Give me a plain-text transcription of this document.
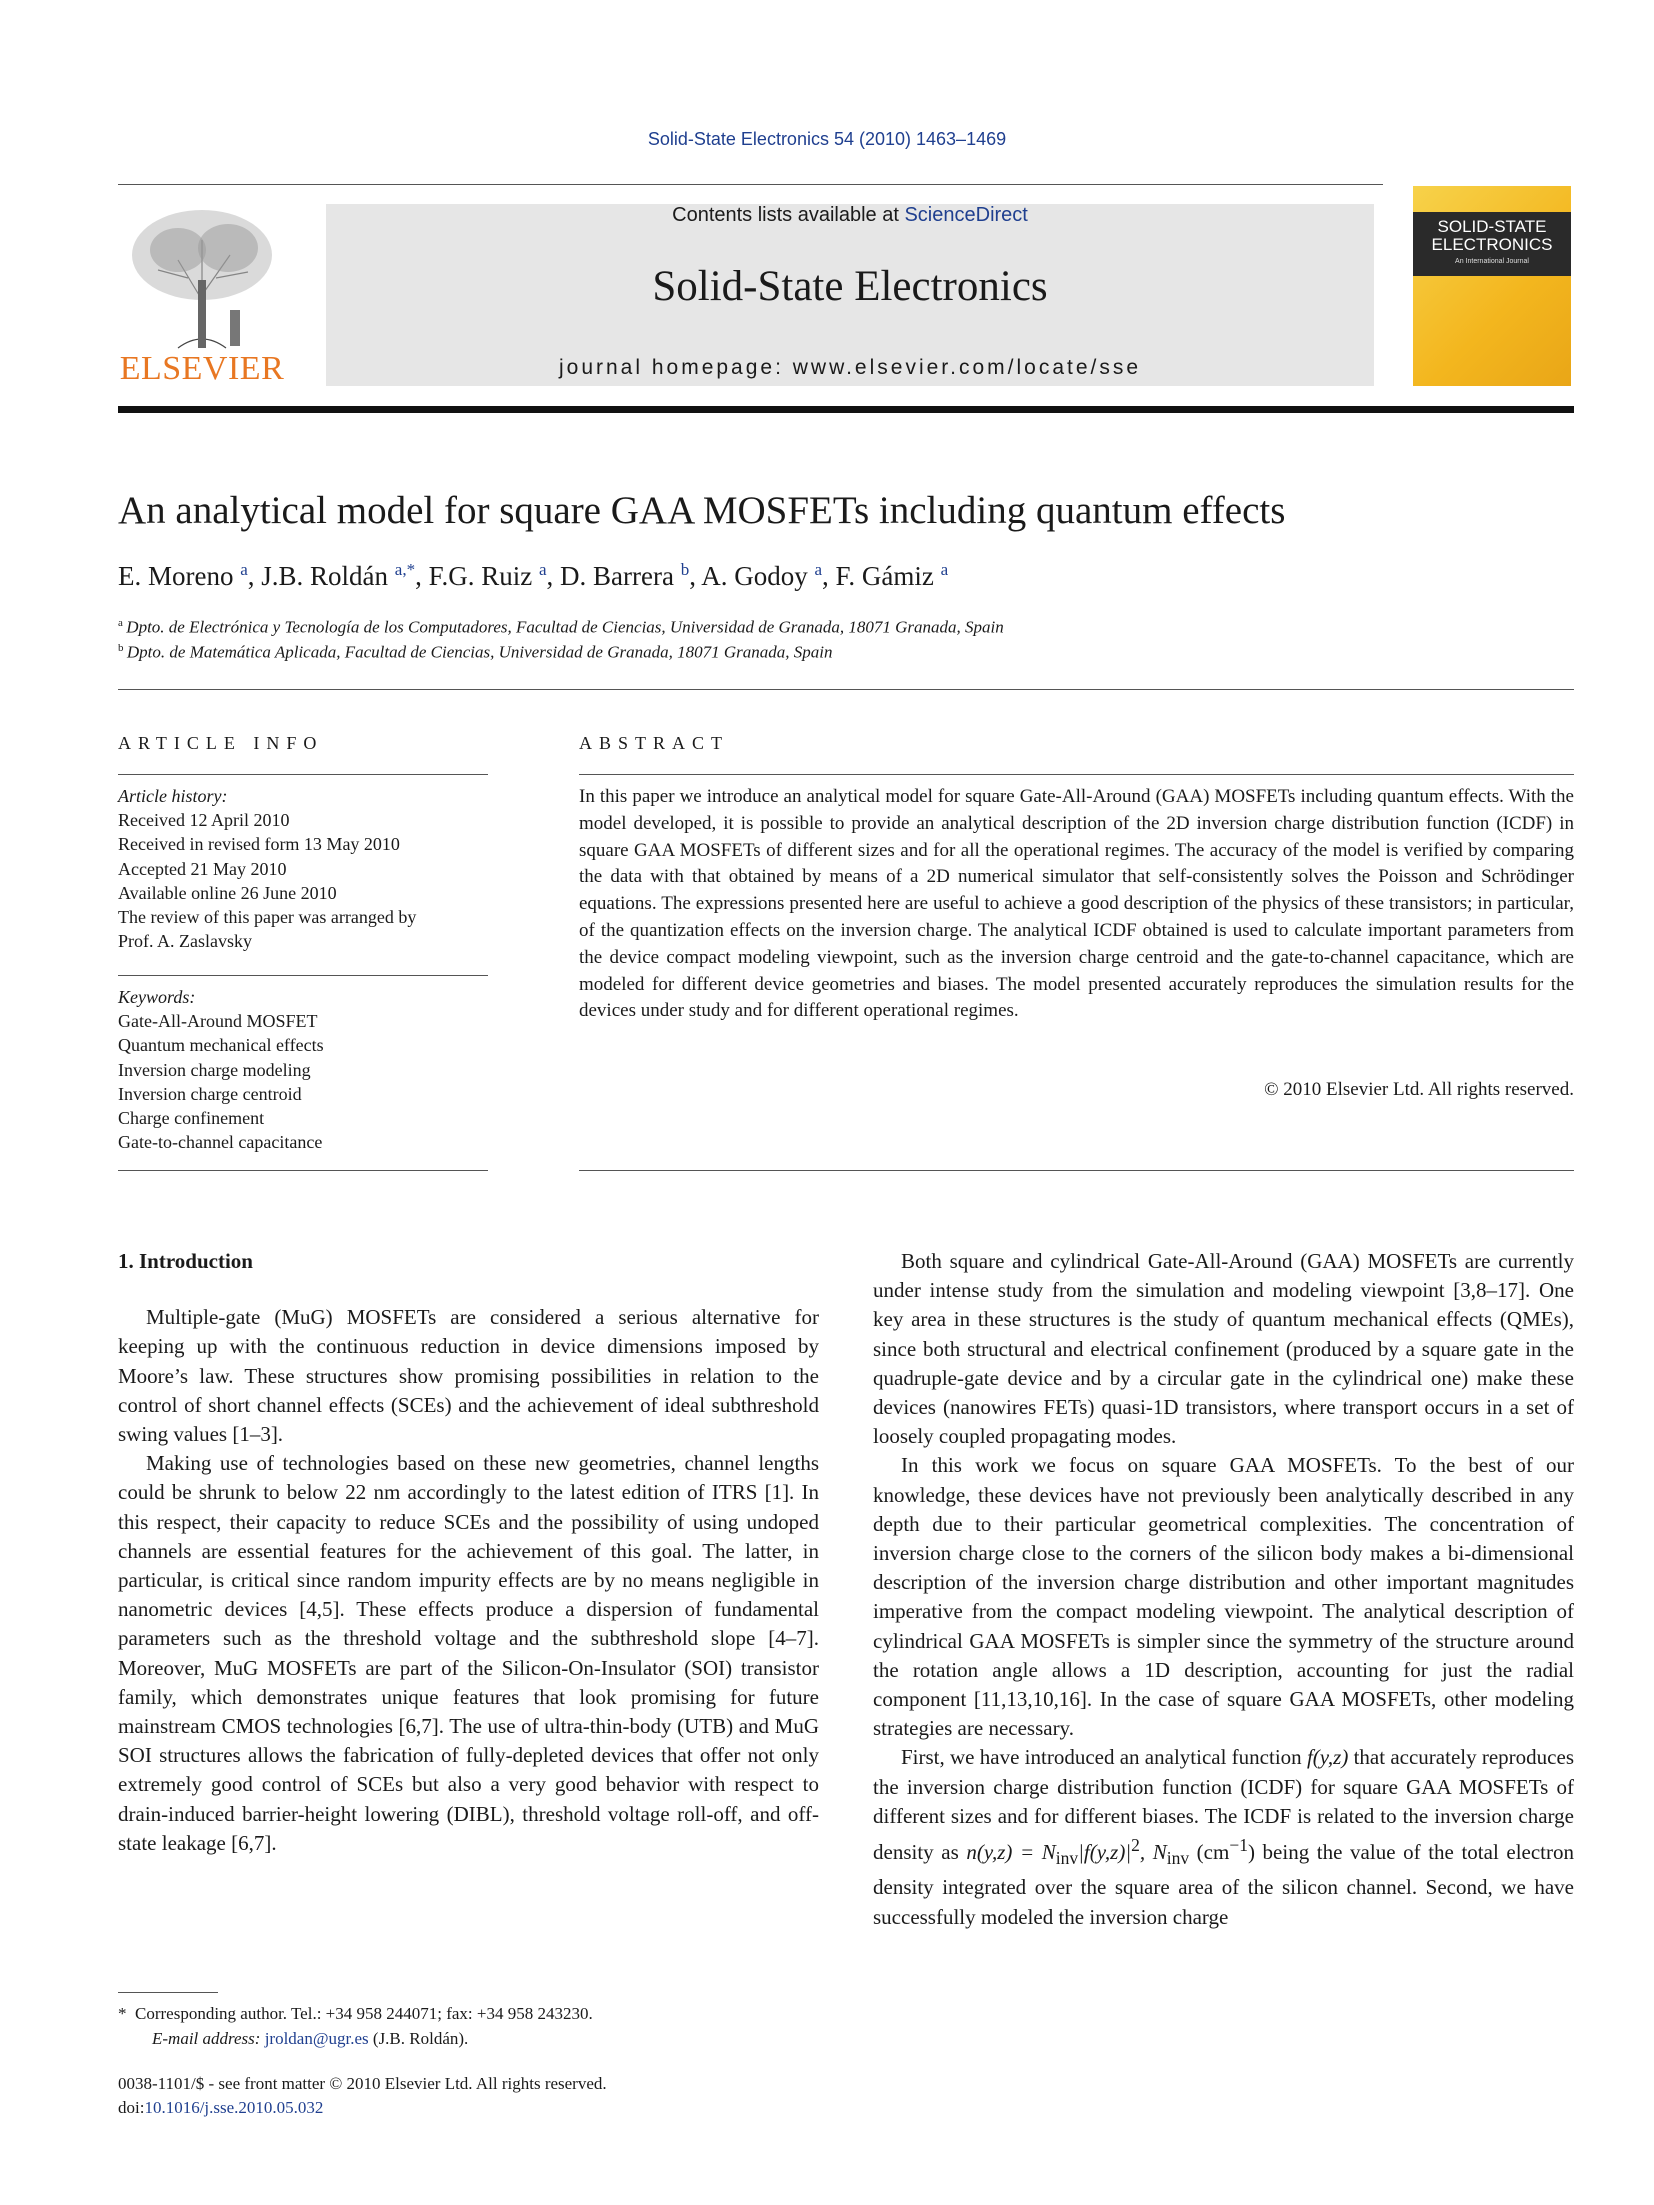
Solid-State Electronics 54 (2010) 1463–1469
ELSEVIER
Contents lists available at ScienceDirect
Solid-State Electronics
journal homepage: www.elsevier.com/locate/sse
SOLID-STATE ELECTRONICS
An International Journal
An analytical model for square GAA MOSFETs including quantum effects
E. Moreno $^a$, J.B. Roldán $^{a,*}$, F.G. Ruiz $^a$, D. Barrera $^b$, A. Godoy $^a$, F. Gámiz $^a$
$^a$  Dpto. de Electrónica y Tecnología de los Computadores, Facultad de Ciencias, Universidad de Granada, 18071 Granada, Spain
$^b$  Dpto. de Matemática Aplicada, Facultad de Ciencias, Universidad de Granada, 18071 Granada, Spain
ARTICLE INFO
Article history:
Received 12 April 2010
Received in revised form 13 May 2010
Accepted 21 May 2010
Available online 26 June 2010
The review of this paper was arranged by
Prof. A. Zaslavsky
Keywords:
Gate-All-Around MOSFET
Quantum mechanical effects
Inversion charge modeling
Inversion charge centroid
Charge confinement
Gate-to-channel capacitance
ABSTRACT
In this paper we introduce an analytical model for square Gate-All-Around (GAA) MOSFETs including quantum effects. With the model developed, it is possible to provide an analytical description of the 2D inversion charge distribution function (ICDF) in square GAA MOSFETs of different sizes and for all the operational regimes. The accuracy of the model is verified by comparing the data with that obtained by means of a 2D numerical simulator that self-consistently solves the Poisson and Schrödinger equations. The expressions presented here are useful to achieve a good description of the physics of these transistors; in particular, of the quantization effects on the inversion charge. The analytical ICDF obtained is used to calculate important parameters from the device compact modeling viewpoint, such as the inversion charge centroid and the gate-to-channel capacitance, which are modeled for different device geometries and biases. The model presented accurately reproduces the simulation results for the devices under study and for different operational regimes.
© 2010 Elsevier Ltd. All rights reserved.
1. Introduction

Multiple-gate (MuG) MOSFETs are considered a serious alternative for keeping up with the continuous reduction in device dimensions imposed by Moore’s law. These structures show promising possibilities in relation to the control of short channel effects (SCEs) and the achievement of ideal subthreshold swing values [1–3].

Making use of technologies based on these new geometries, channel lengths could be shrunk to below 22 nm accordingly to the latest edition of ITRS [1]. In this respect, their capacity to reduce SCEs and the possibility of using undoped channels are essential features for the achievement of this goal. The latter, in particular, is critical since random impurity effects are by no means negligible in nanometric devices [4,5]. These effects produce a dispersion of fundamental parameters such as the threshold voltage and the subthreshold slope [4–7]. Moreover, MuG MOSFETs are part of the Silicon-On-Insulator (SOI) transistor family, which demonstrates unique features that look promising for future mainstream CMOS technologies [6,7]. The use of ultra-thin-body (UTB) and MuG SOI structures allows the fabrication of fully-depleted devices that offer not only extremely good control of SCEs but also a very good behavior with respect to drain-induced barrier-height lowering (DIBL), threshold voltage roll-off, and off-state leakage [6,7].

Both square and cylindrical Gate-All-Around (GAA) MOSFETs are currently under intense study from the simulation and modeling viewpoint [3,8–17]. One key area in these structures is the study of quantum mechanical effects (QMEs), since both structural and electrical confinement (produced by a square gate in the quadruple-gate device and by a circular gate in the cylindrical one) make these devices (nanowires FETs) quasi-1D transistors, where transport occurs in a set of loosely coupled propagating modes.

In this work we focus on square GAA MOSFETs. To the best of our knowledge, these devices have not previously been analytically described in any depth due to their particular geometrical complexities. The concentration of inversion charge close to the corners of the silicon body makes a bi-dimensional description of the inversion charge distribution and other important magnitudes imperative from the compact modeling viewpoint. The analytical description of cylindrical GAA MOSFETs is simpler since the symmetry of the structure around the rotation angle allows a 1D description, accounting for just the radial component [11,13,10,16]. In the case of square GAA MOSFETs, other modeling strategies are necessary.

First, we have introduced an analytical function f(y,z) that accurately reproduces the inversion charge distribution function (ICDF) for square GAA MOSFETs of different sizes and for different biases. The ICDF is related to the inversion charge density as $n(y,z) = N_{inv}|f(y,z)|^2$, $N_{inv}$ $(cm^{-1})$ being the value of the total electron density integrated over the square area of the silicon channel. Second, we have successfully modeled the inversion charge

* Corresponding author. Tel.: +34 958 244071; fax: +34 958 243230.
E-mail address: jroldan@ugr.es (J.B. Roldán).
0038-1101/$ - see front matter © 2010 Elsevier Ltd. All rights reserved.
doi:10.1016/j.sse.2010.05.032
